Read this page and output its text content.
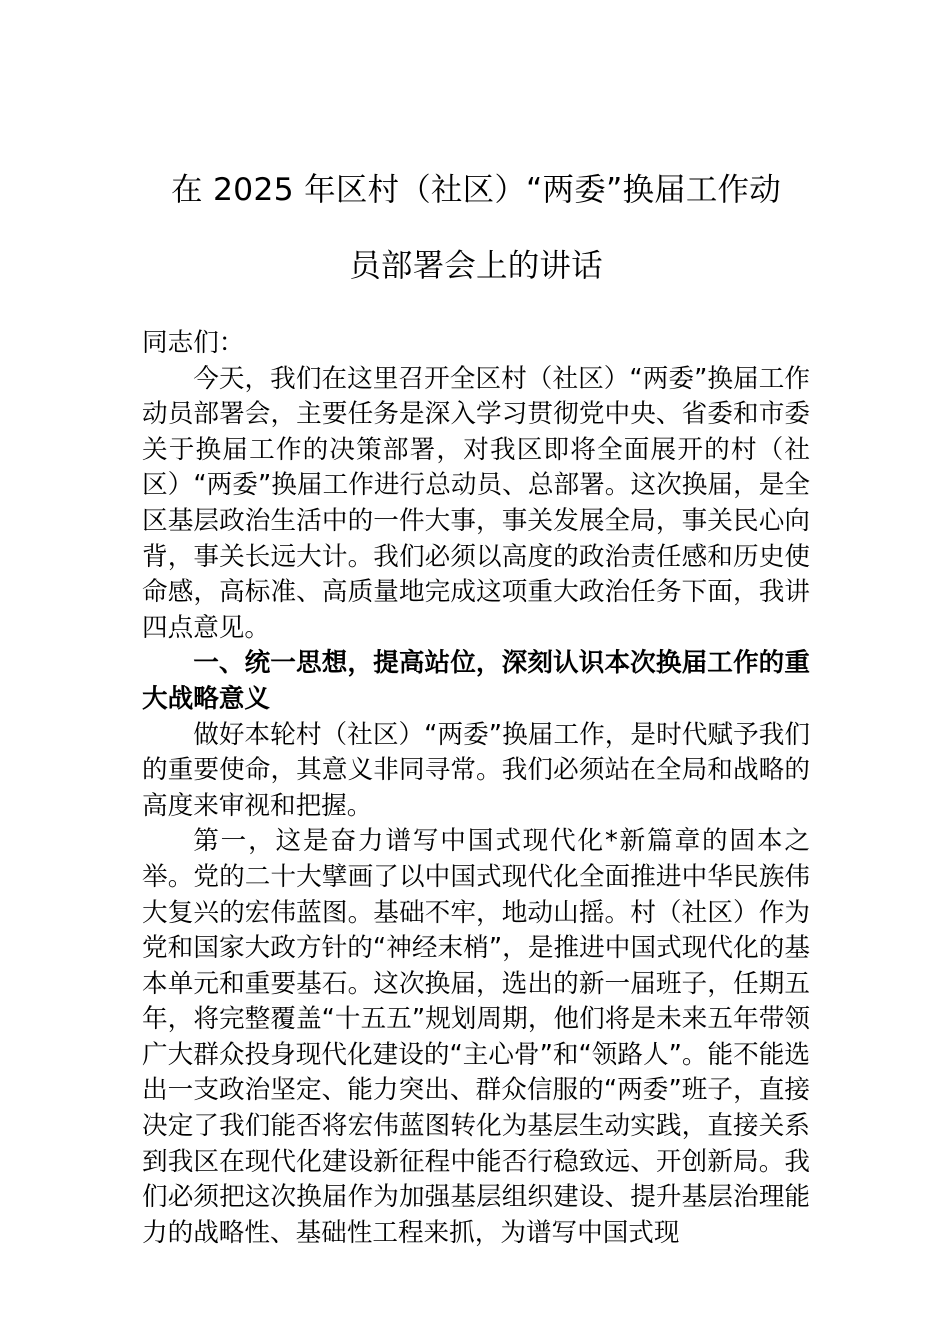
在 2025 年区村（社区）“两委”换届工作动
员部署会上的讲话

同志们：

今天，我们在这里召开全区村（社区）“两委”换届工作动员部署会，主要任务是深入学习贯彻党中央、省委和市委关于换届工作的决策部署，对我区即将全面展开的村（社区）“两委”换届工作进行总动员、总部署。这次换届，是全区基层政治生活中的一件大事，事关发展全局，事关民心向背，事关长远大计。我们必须以高度的政治责任感和历史使命感，高标准、高质量地完成这项重大政治任务下面，我讲四点意见。

一、统一思想，提高站位，深刻认识本次换届工作的重大战略意义

做好本轮村（社区）“两委”换届工作，是时代赋予我们的重要使命，其意义非同寻常。我们必须站在全局和战略的高度来审视和把握。

第一，这是奋力谱写中国式现代化*新篇章的固本之举。党的二十大擘画了以中国式现代化全面推进中华民族伟大复兴的宏伟蓝图。基础不牢，地动山摇。村（社区）作为党和国家大政方针的“神经末梢”，是推进中国式现代化的基本单元和重要基石。这次换届，选出的新一届班子，任期五年，将完整覆盖“十五五”规划周期，他们将是未来五年带领广大群众投身现代化建设的“主心骨”和“领路人”。能不能选出一支政治坚定、能力突出、群众信服的“两委”班子，直接决定了我们能否将宏伟蓝图转化为基层生动实践，直接关系到我区在现代化建设新征程中能否行稳致远、开创新局。我们必须把这次换届作为加强基层组织建设、提升基层治理能力的战略性、基础性工程来抓，为谱写中国式现
